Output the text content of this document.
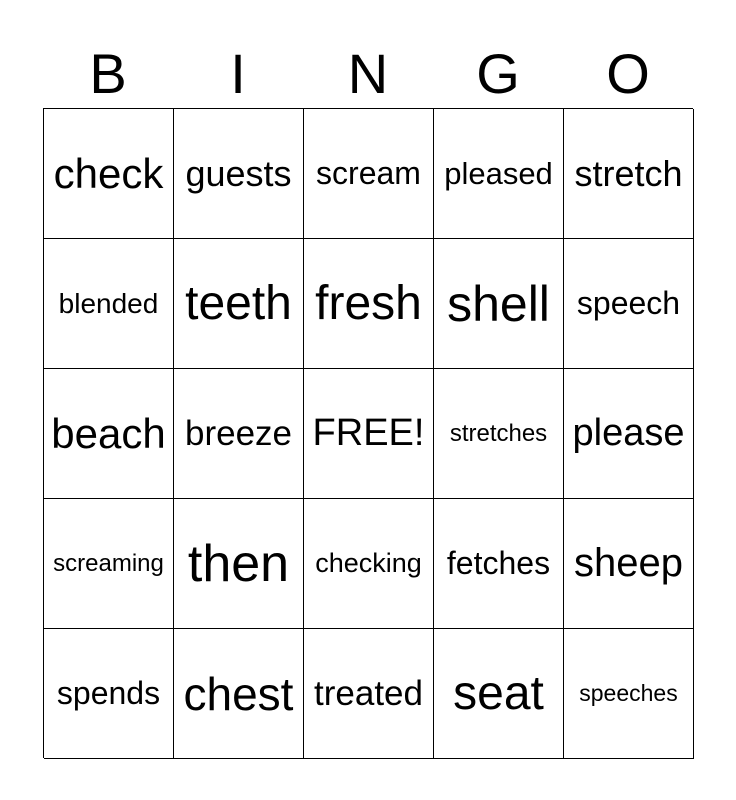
B	I	N	G	O
check guests scream pleased stretch
blended teeth fresh shell speech
beach breeze FREE! stretches please
screaming then checking fetches sheep
spends chest treated seat speeches
